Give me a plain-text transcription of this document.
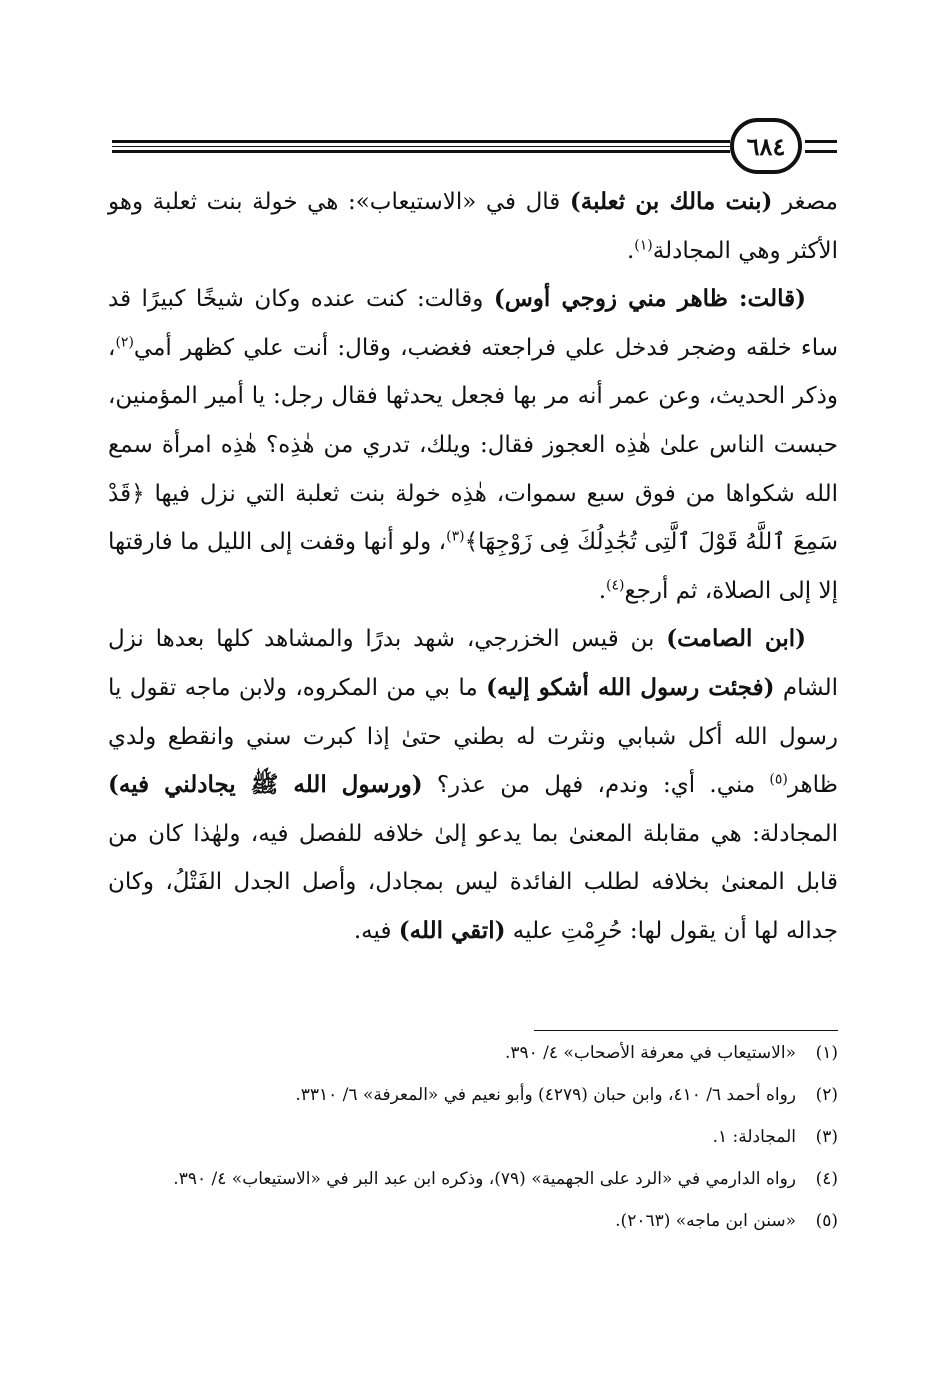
٦٨٤

مصغر (بنت مالك بن ثعلبة) قال في «الاستيعاب»: هي خولة بنت ثعلبة وهو الأكثر وهي المجادلة$^{(١)}$.

(قالت: ظاهر مني زوجي أوس) وقالت: كنت عنده وكان شيخًا كبيرًا قد ساء خلقه وضجر فدخل علي فراجعته فغضب، وقال: أنت علي كظهر أمي$^{(٢)}$، وذكر الحديث، وعن عمر أنه مر بها فجعل يحدثها فقال رجل: يا أمير المؤمنين، حبست الناس علىٰ هٰذِه العجوز فقال: ويلك، تدري من هٰذِه؟ هٰذِه امرأة سمع الله شكواها من فوق سبع سموات، هٰذِه خولة بنت ثعلبة التي نزل فيها ﴿قَدْ سَمِعَ ٱللَّهُ قَوْلَ ٱلَّتِى تُجَٰدِلُكَ فِى زَوْجِهَا﴾$^{(٣)}$، ولو أنها وقفت إلى الليل ما فارقتها إلا إلى الصلاة، ثم أرجع$^{(٤)}$.

(ابن الصامت) بن قيس الخزرجي، شهد بدرًا والمشاهد كلها بعدها نزل الشام (فجئت رسول الله أشكو إليه) ما بي من المكروه، ولابن ماجه تقول يا رسول الله أكل شبابي ونثرت له بطني حتىٰ إذا كبرت سني وانقطع ولدي ظاهر$^{(٥)}$ مني. أي: وندم، فهل من عذر؟ (ورسول الله ﷺ يجادلني فيه) المجادلة: هي مقابلة المعنىٰ بما يدعو إلىٰ خلافه للفصل فيه، ولهٰذا كان من قابل المعنىٰ بخلافه لطلب الفائدة ليس بمجادل، وأصل الجدل الفَتْلُ، وكان جداله لها أن يقول لها: حُرِمْتِ عليه (اتقي الله) فيه.

(١)
«الاستيعاب في معرفة الأصحاب» ٤/ ٣٩٠.
(٢)
رواه أحمد ٦/ ٤١٠، وابن حبان (٤٢٧٩) وأبو نعيم في «المعرفة» ٦/ ٣٣١٠.
(٣)
المجادلة: ١.
(٤)
رواه الدارمي في «الرد على الجهمية» (٧٩)، وذكره ابن عبد البر في «الاستيعاب» ٤/ ٣٩٠.
(٥)
«سنن ابن ماجه» (٢٠٦٣).
